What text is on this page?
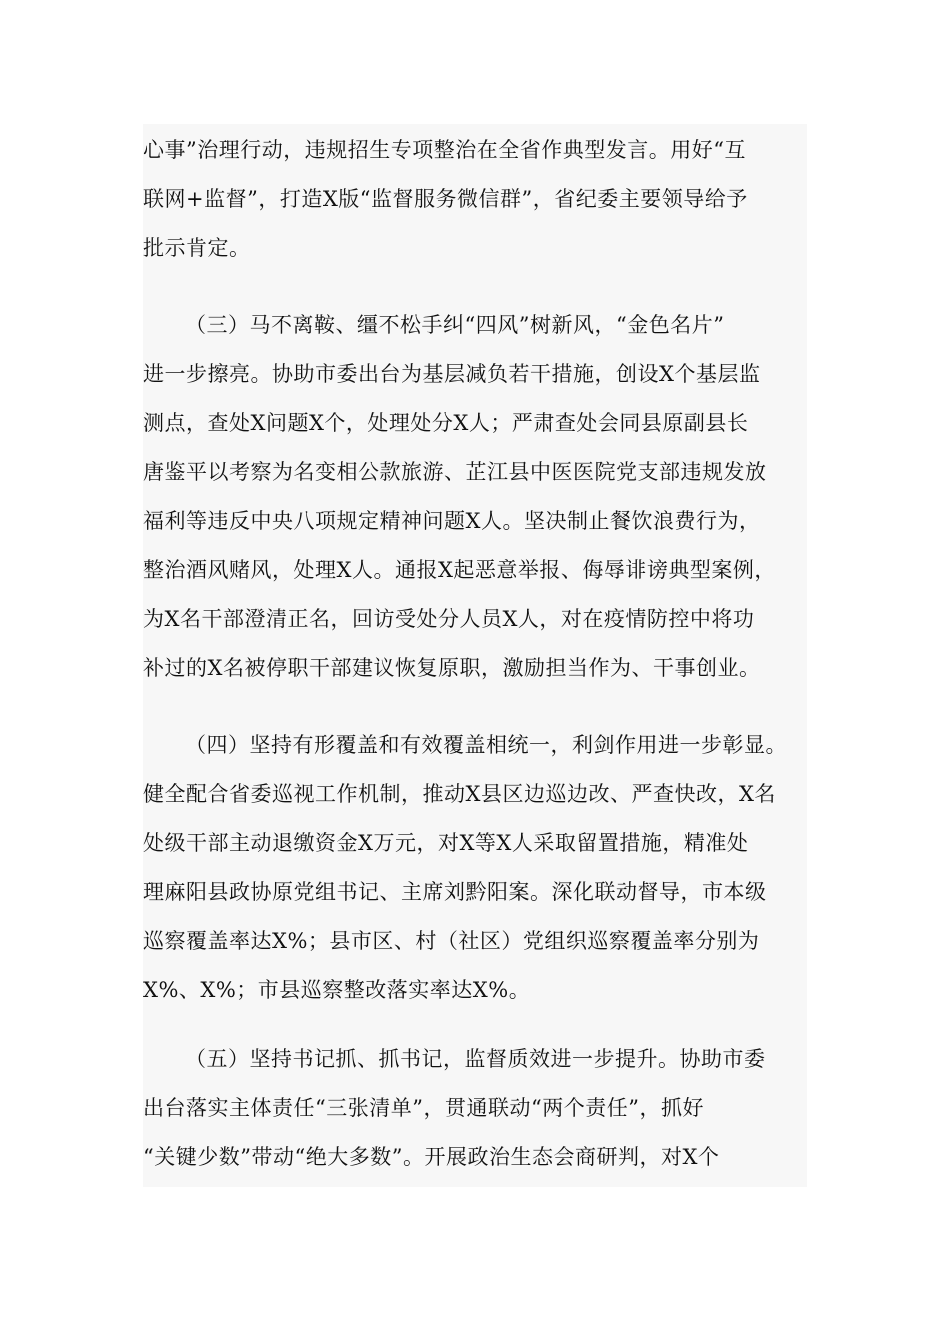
心事”治理行动，违规招生专项整治在全省作典型发言。用好“互
联网+监督”，打造X版“监督服务微信群”，省纪委主要领导给予
批示肯定。
（三）马不离鞍、缰不松手纠“四风”树新风，“金色名片”
进一步擦亮。协助市委出台为基层减负若干措施，创设X个基层监
测点，查处X问题X个，处理处分X人；严肃查处会同县原副县长
唐鉴平以考察为名变相公款旅游、芷江县中医医院党支部违规发放
福利等违反中央八项规定精神问题X人。坚决制止餐饮浪费行为，
整治酒风赌风，处理X人。通报X起恶意举报、侮辱诽谤典型案例，
为X名干部澄清正名，回访受处分人员X人，对在疫情防控中将功
补过的X名被停职干部建议恢复原职，激励担当作为、干事创业。
（四）坚持有形覆盖和有效覆盖相统一，利剑作用进一步彰显。
健全配合省委巡视工作机制，推动X县区边巡边改、严查快改，X名
处级干部主动退缴资金X万元，对X等X人采取留置措施，精准处
理麻阳县政协原党组书记、主席刘黔阳案。深化联动督导，市本级
巡察覆盖率达X%；县市区、村（社区）党组织巡察覆盖率分别为
X%、X%；市县巡察整改落实率达X%。
（五）坚持书记抓、抓书记，监督质效进一步提升。协助市委
出台落实主体责任“三张清单”，贯通联动“两个责任”，抓好
“关键少数”带动“绝大多数”。开展政治生态会商研判，对X个
